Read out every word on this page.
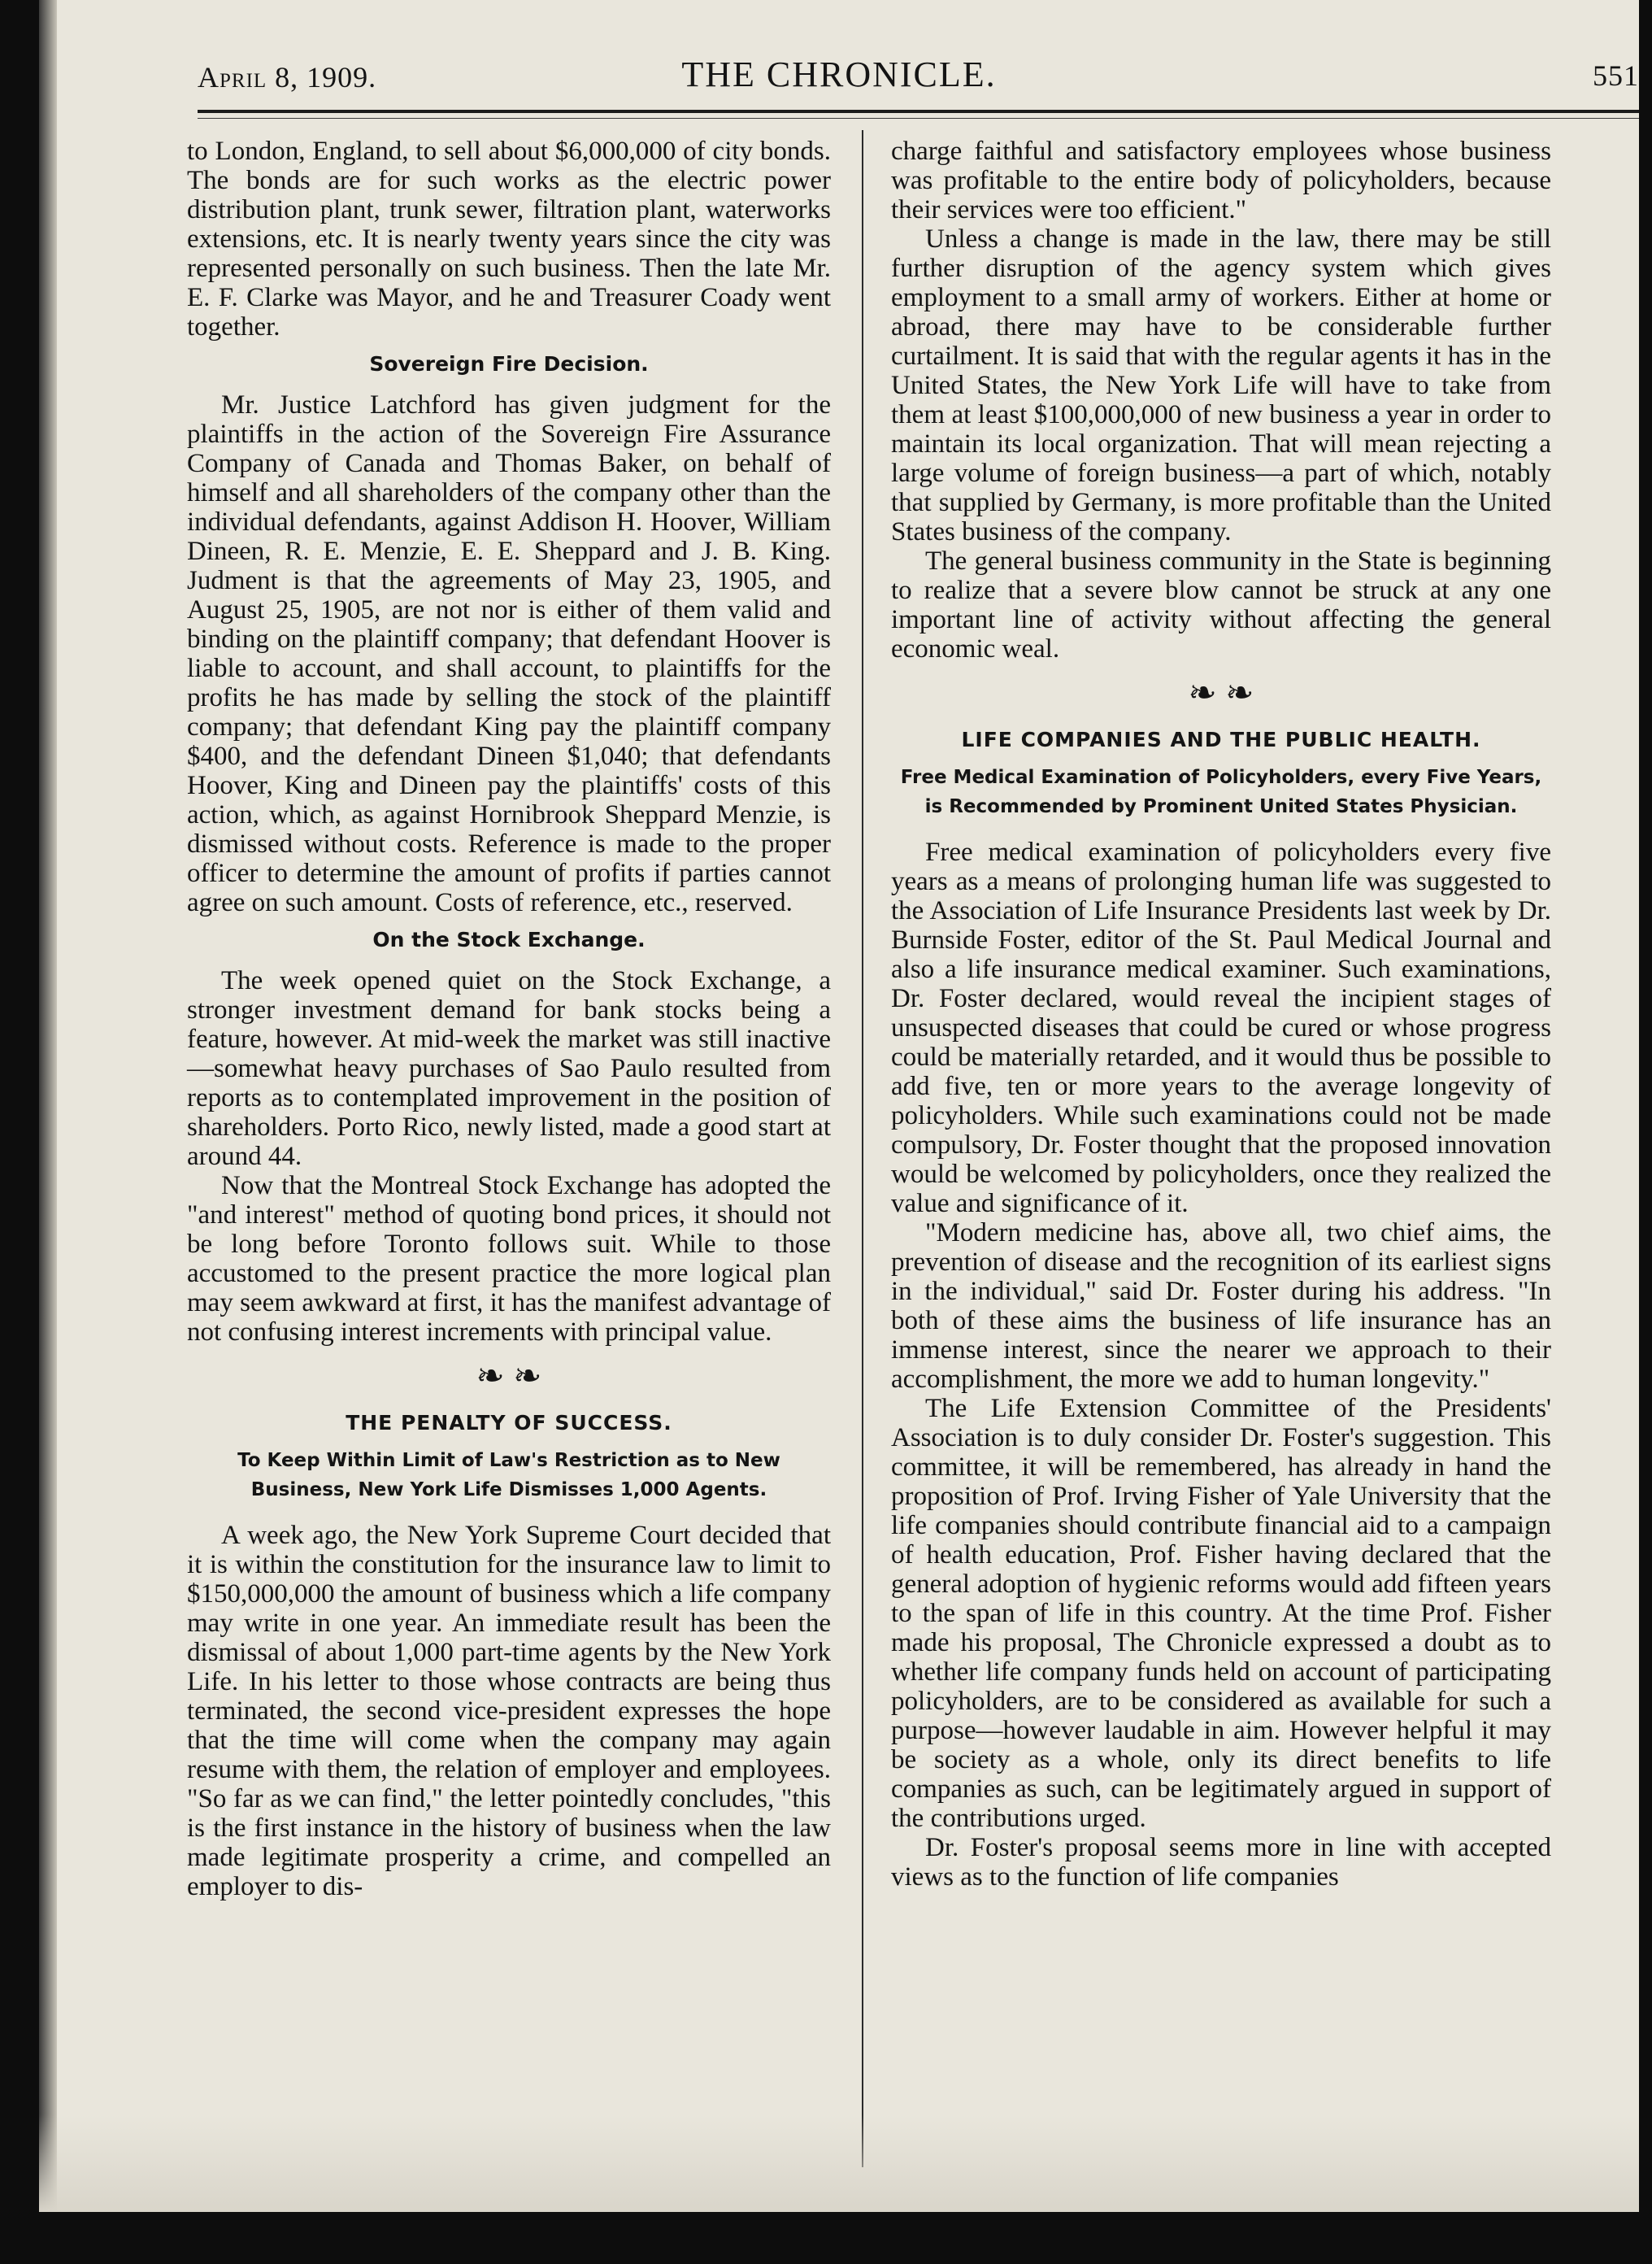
April 8, 1909.	THE CHRONICLE.	551

to London, England, to sell about $6,000,000 of city bonds. The bonds are for such works as the electric power distribution plant, trunk sewer, filtration plant, waterworks extensions, etc. It is nearly twenty years since the city was represented personally on such business. Then the late Mr. E. F. Clarke was Mayor, and he and Treasurer Coady went together.

Sovereign Fire Decision.

Mr. Justice Latchford has given judgment for the plaintiffs in the action of the Sovereign Fire Assurance Company of Canada and Thomas Baker, on behalf of himself and all shareholders of the company other than the individual defendants, against Addison H. Hoover, William Dineen, R. E. Menzie, E. E. Sheppard and J. B. King. Judment is that the agreements of May 23, 1905, and August 25, 1905, are not nor is either of them valid and binding on the plaintiff company; that defendant Hoover is liable to account, and shall account, to plaintiffs for the profits he has made by selling the stock of the plaintiff company; that defendant King pay the plaintiff company $400, and the defendant Dineen $1,040; that defendants Hoover, King and Dineen pay the plaintiffs' costs of this action, which, as against Hornibrook Sheppard Menzie, is dismissed without costs. Reference is made to the proper officer to determine the amount of profits if parties cannot agree on such amount. Costs of reference, etc., reserved.

On the Stock Exchange.

The week opened quiet on the Stock Exchange, a stronger investment demand for bank stocks being a feature, however. At mid-week the market was still inactive—somewhat heavy purchases of Sao Paulo resulted from reports as to contemplated improvement in the position of shareholders. Porto Rico, newly listed, made a good start at around 44.

Now that the Montreal Stock Exchange has adopted the "and interest" method of quoting bond prices, it should not be long before Toronto follows suit. While to those accustomed to the present practice the more logical plan may seem awkward at first, it has the manifest advantage of not confusing interest increments with principal value.

❧ ❧
THE PENALTY OF SUCCESS.
To Keep Within Limit of Law's Restriction as to New Business, New York Life Dismisses 1,000 Agents.

A week ago, the New York Supreme Court decided that it is within the constitution for the insurance law to limit to $150,000,000 the amount of business which a life company may write in one year. An immediate result has been the dismissal of about 1,000 part-time agents by the New York Life. In his letter to those whose contracts are being thus terminated, the second vice-president expresses the hope that the time will come when the company may again resume with them, the relation of employer and employees. "So far as we can find," the letter pointedly concludes, "this is the first instance in the history of business when the law made legitimate prosperity a crime, and compelled an employer to dis-

charge faithful and satisfactory employees whose business was profitable to the entire body of policyholders, because their services were too efficient."

Unless a change is made in the law, there may be still further disruption of the agency system which gives employment to a small army of workers. Either at home or abroad, there may have to be considerable further curtailment. It is said that with the regular agents it has in the United States, the New York Life will have to take from them at least $100,000,000 of new business a year in order to maintain its local organization. That will mean rejecting a large volume of foreign business—a part of which, notably that supplied by Germany, is more profitable than the United States business of the company.

The general business community in the State is beginning to realize that a severe blow cannot be struck at any one important line of activity without affecting the general economic weal.

❧ ❧
LIFE COMPANIES AND THE PUBLIC HEALTH.
Free Medical Examination of Policyholders, every Five Years, is Recommended by Prominent United States Physician.

Free medical examination of policyholders every five years as a means of prolonging human life was suggested to the Association of Life Insurance Presidents last week by Dr. Burnside Foster, editor of the St. Paul Medical Journal and also a life insurance medical examiner. Such examinations, Dr. Foster declared, would reveal the incipient stages of unsuspected diseases that could be cured or whose progress could be materially retarded, and it would thus be possible to add five, ten or more years to the average longevity of policyholders. While such examinations could not be made compulsory, Dr. Foster thought that the proposed innovation would be welcomed by policyholders, once they realized the value and significance of it.

"Modern medicine has, above all, two chief aims, the prevention of disease and the recognition of its earliest signs in the individual," said Dr. Foster during his address. "In both of these aims the business of life insurance has an immense interest, since the nearer we approach to their accomplishment, the more we add to human longevity."

The Life Extension Committee of the Presidents' Association is to duly consider Dr. Foster's suggestion. This committee, it will be remembered, has already in hand the proposition of Prof. Irving Fisher of Yale University that the life companies should contribute financial aid to a campaign of health education, Prof. Fisher having declared that the general adoption of hygienic reforms would add fifteen years to the span of life in this country. At the time Prof. Fisher made his proposal, The Chronicle expressed a doubt as to whether life company funds held on account of participating policyholders, are to be considered as available for such a purpose—however laudable in aim. However helpful it may be society as a whole, only its direct benefits to life companies as such, can be legitimately argued in support of the contributions urged.

Dr. Foster's proposal seems more in line with accepted views as to the function of life companies
